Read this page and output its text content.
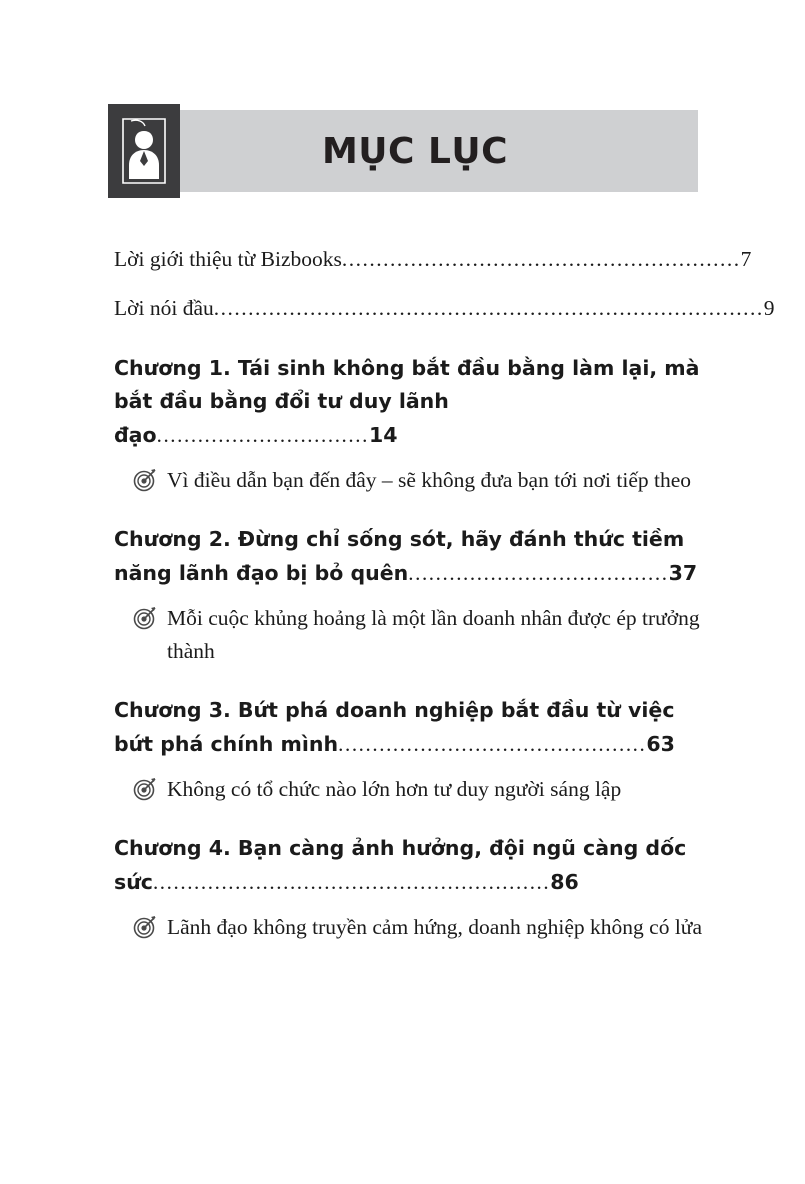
MỤC LỤC
Lời giới thiệu từ Bizbooks..........................................................7
Lời nói đầu................................................................................9
Chương 1. Tái sinh không bắt đầu bằng làm lại, mà bắt đầu bằng đổi tư duy lãnh đạo...............................14
Vì điều dẫn bạn đến đây – sẽ không đưa bạn tới nơi tiếp theo
Chương 2. Đừng chỉ sống sót, hãy đánh thức tiềm năng lãnh đạo bị bỏ quên......................................37
Mỗi cuộc khủng hoảng là một lần doanh nhân được ép trưởng thành
Chương 3. Bứt phá doanh nghiệp bắt đầu từ việc bứt phá chính mình.............................................63
Không có tổ chức nào lớn hơn tư duy người sáng lập
Chương 4. Bạn càng ảnh hưởng, đội ngũ càng dốc sức..........................................................86
Lãnh đạo không truyền cảm hứng, doanh nghiệp không có lửa
